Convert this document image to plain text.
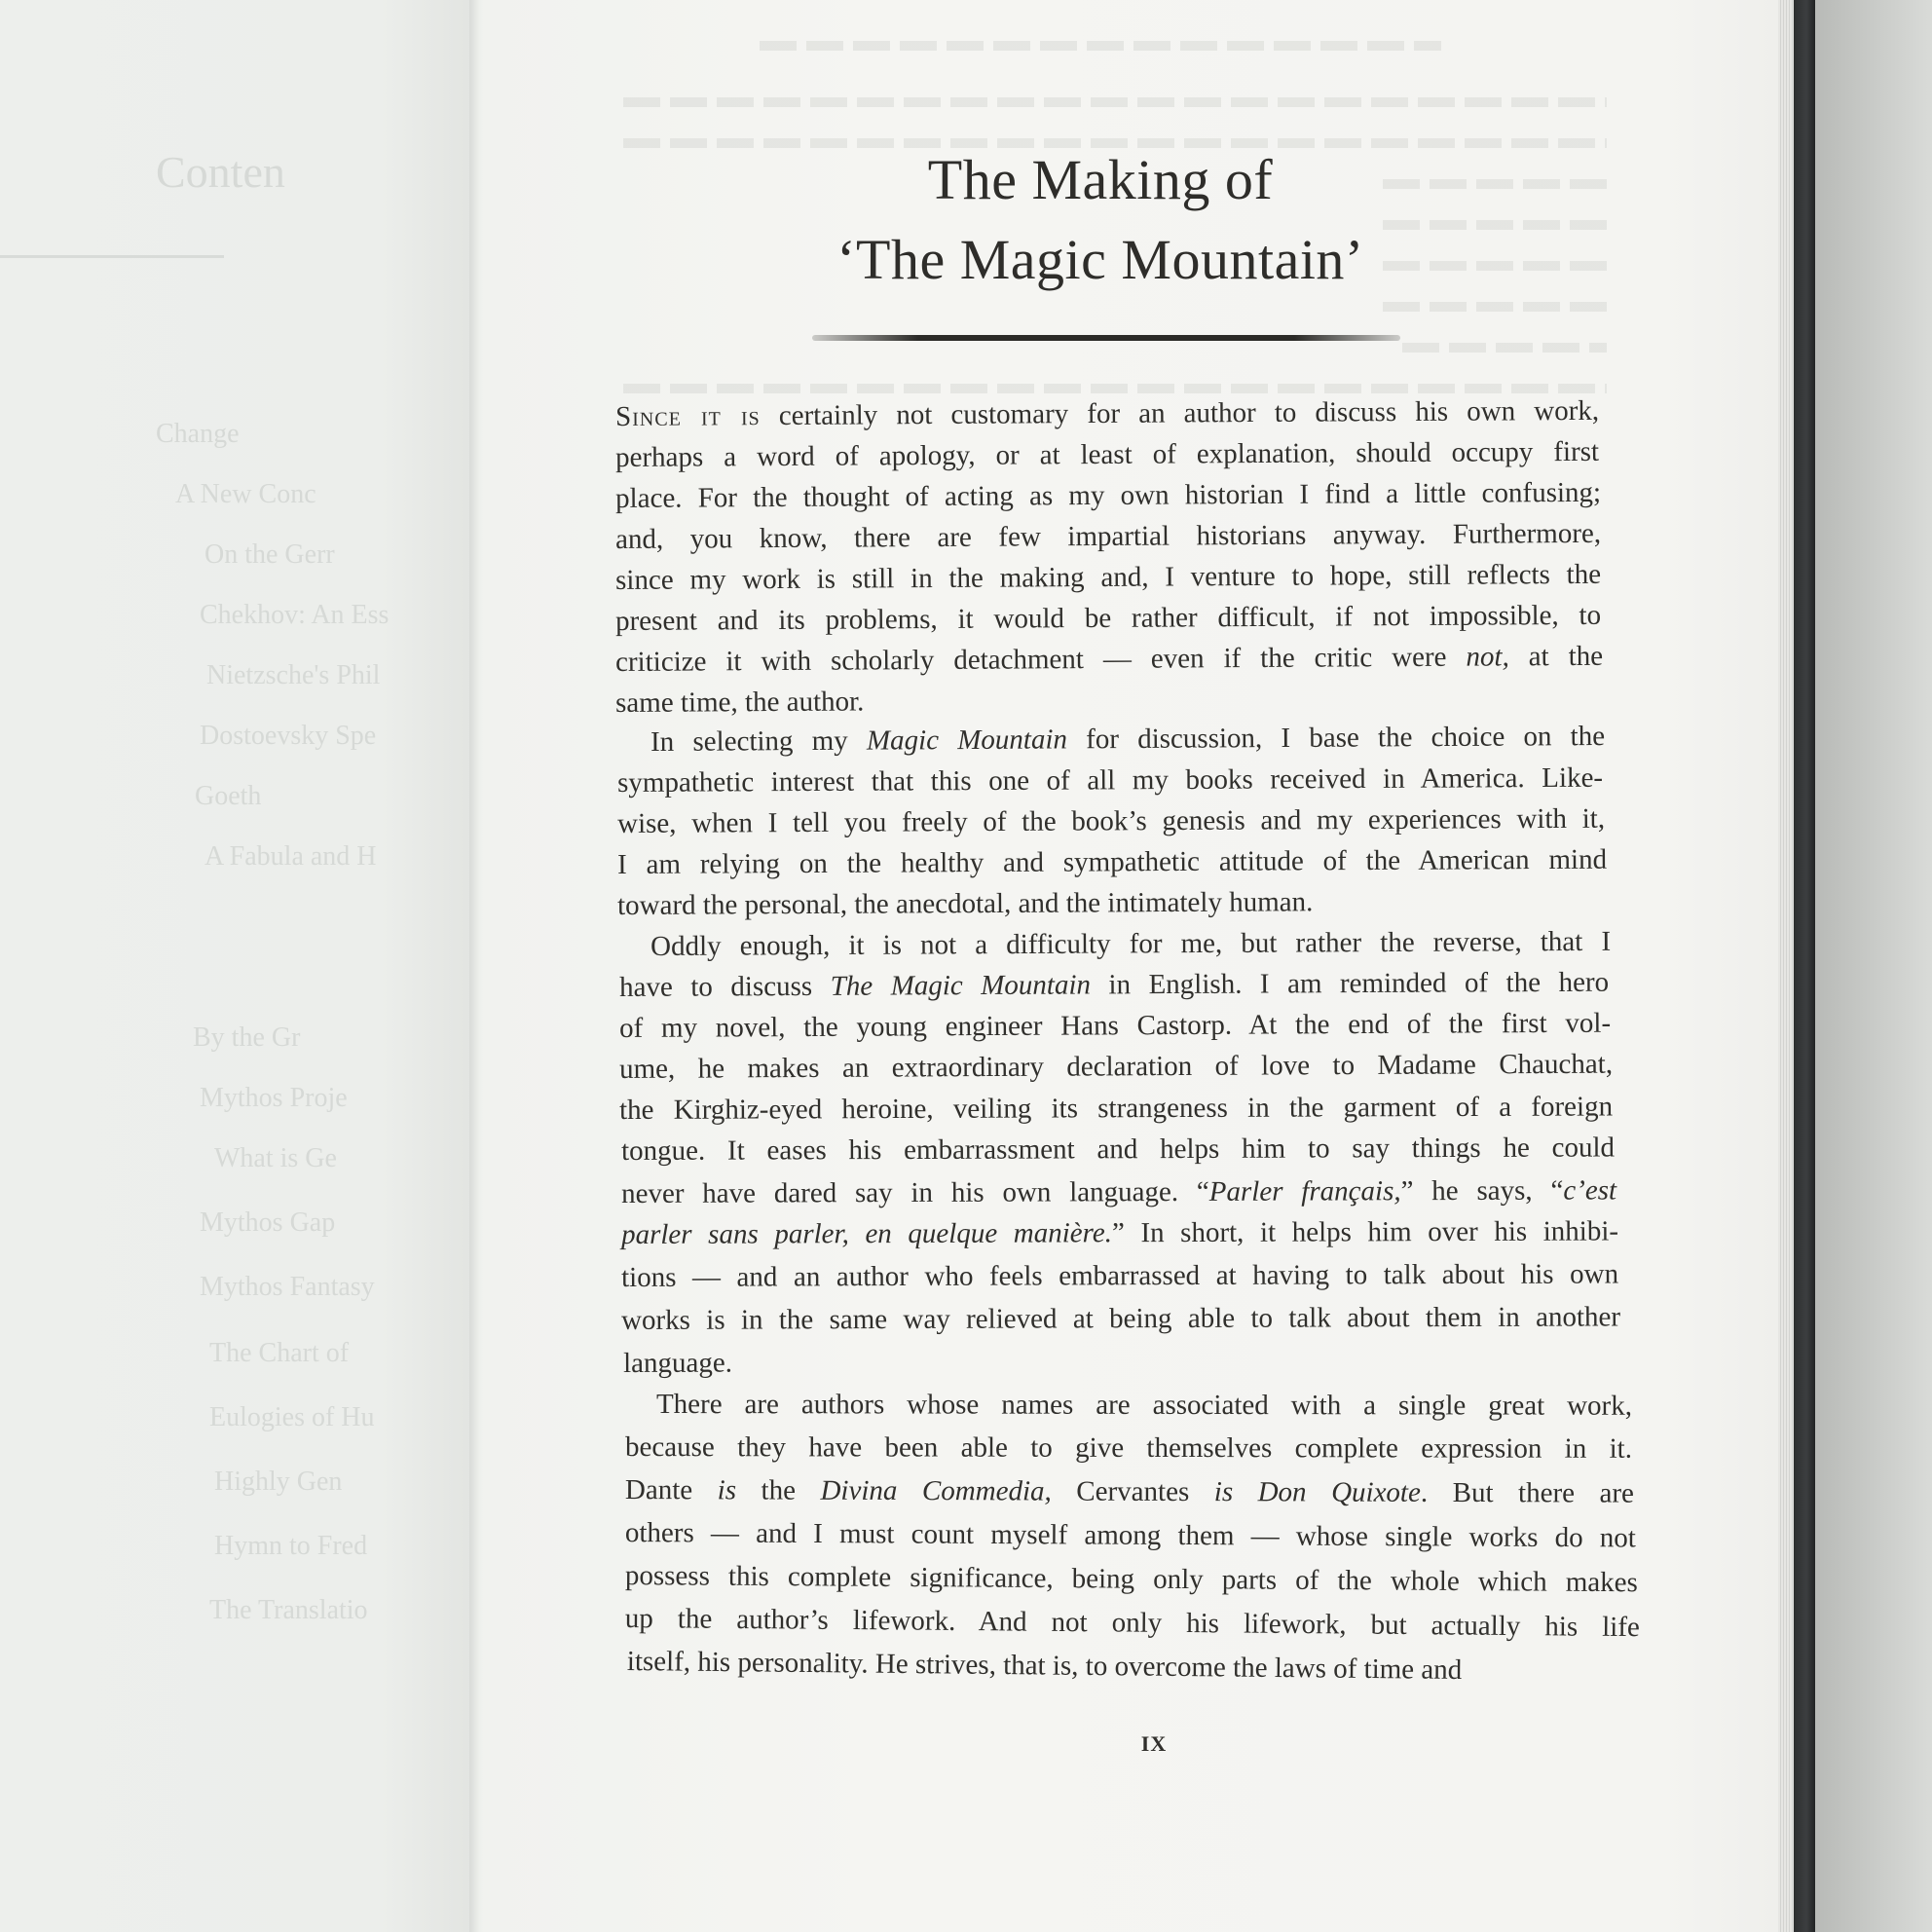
Conten
Change
A New Conc
On the Gerr
Chekhov: An Ess
Nietzsche's Phil
Dostoevsky Spe
Goeth
A Fabula and H
By the Gr
Mythos Proje
What is Ge
Mythos Gap
Mythos Fantasy
The Chart of
Eulogies of Hu
Highly Gen
Hymn to Fred
The Translatio
The Making of
‘The Magic Mountain’
Since it is certainly not customary for an author to discuss his own work,
perhaps a word of apology, or at least of explanation, should occupy first
place. For the thought of acting as my own historian I find a little confusing;
and, you know, there are few impartial historians anyway. Furthermore,
since my work is still in the making and, I venture to hope, still reflects the
present and its problems, it would be rather difficult, if not impossible, to
criticize it with scholarly detachment — even if the critic were not, at the
same time, the author.
In selecting my Magic Mountain for discussion, I base the choice on the
sympathetic interest that this one of all my books received in America. Like-
wise, when I tell you freely of the book’s genesis and my experiences with it,
I am relying on the healthy and sympathetic attitude of the American mind
toward the personal, the anecdotal, and the intimately human.
Oddly enough, it is not a difficulty for me, but rather the reverse, that I
have to discuss The Magic Mountain in English. I am reminded of the hero
of my novel, the young engineer Hans Castorp. At the end of the first vol-
ume, he makes an extraordinary declaration of love to Madame Chauchat,
the Kirghiz-eyed heroine, veiling its strangeness in the garment of a foreign
tongue. It eases his embarrassment and helps him to say things he could
never have dared say in his own language. “Parler français,” he says, “c’est
parler sans parler, en quelque manière.” In short, it helps him over his inhibi-
tions — and an author who feels embarrassed at having to talk about his own
works is in the same way relieved at being able to talk about them in another
language.
There are authors whose names are associated with a single great work,
because they have been able to give themselves complete expression in it.
Dante is the Divina Commedia, Cervantes is Don Quixote. But there are
others — and I must count myself among them — whose single works do not
possess this complete significance, being only parts of the whole which makes
up the author’s lifework. And not only his lifework, but actually his life
itself, his personality. He strives, that is, to overcome the laws of time and
IX
